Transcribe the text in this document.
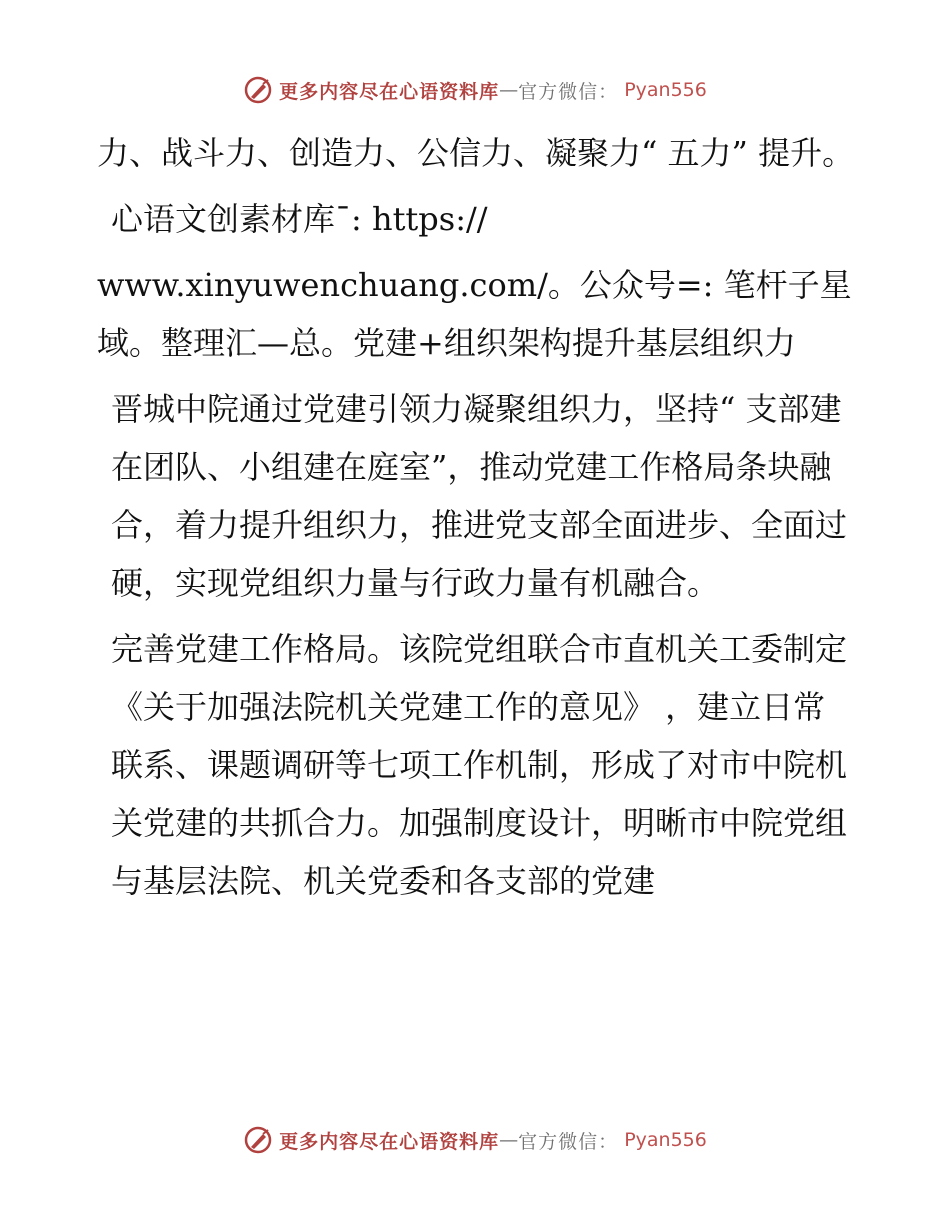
更多内容尽在心语资料库 — 官方微信： Pyan556

力、战斗力、创造力、公信力、凝聚力“ 五力” 提升。

心语文创素材库¯: https://

www.xinyuwenchuang.com/。公众号=: 笔杆子星域。整理汇—总。党建+组织架构提升基层组织力

晋城中院通过党建引领力凝聚组织力，坚持“ 支部建在团队、小组建在庭室”，推动党建工作格局条块融合，着力提升组织力，推进党支部全面进步、全面过硬，实现党组织力量与行政力量有机融合。

完善党建工作格局。该院党组联合市直机关工委制定《关于加强法院机关党建工作的意见》 ，建立日常联系、课题调研等七项工作机制，形成了对市中院机关党建的共抓合力。加强制度设计，明晰市中院党组与基层法院、机关党委和各支部的党建

更多内容尽在心语资料库 — 官方微信： Pyan556
